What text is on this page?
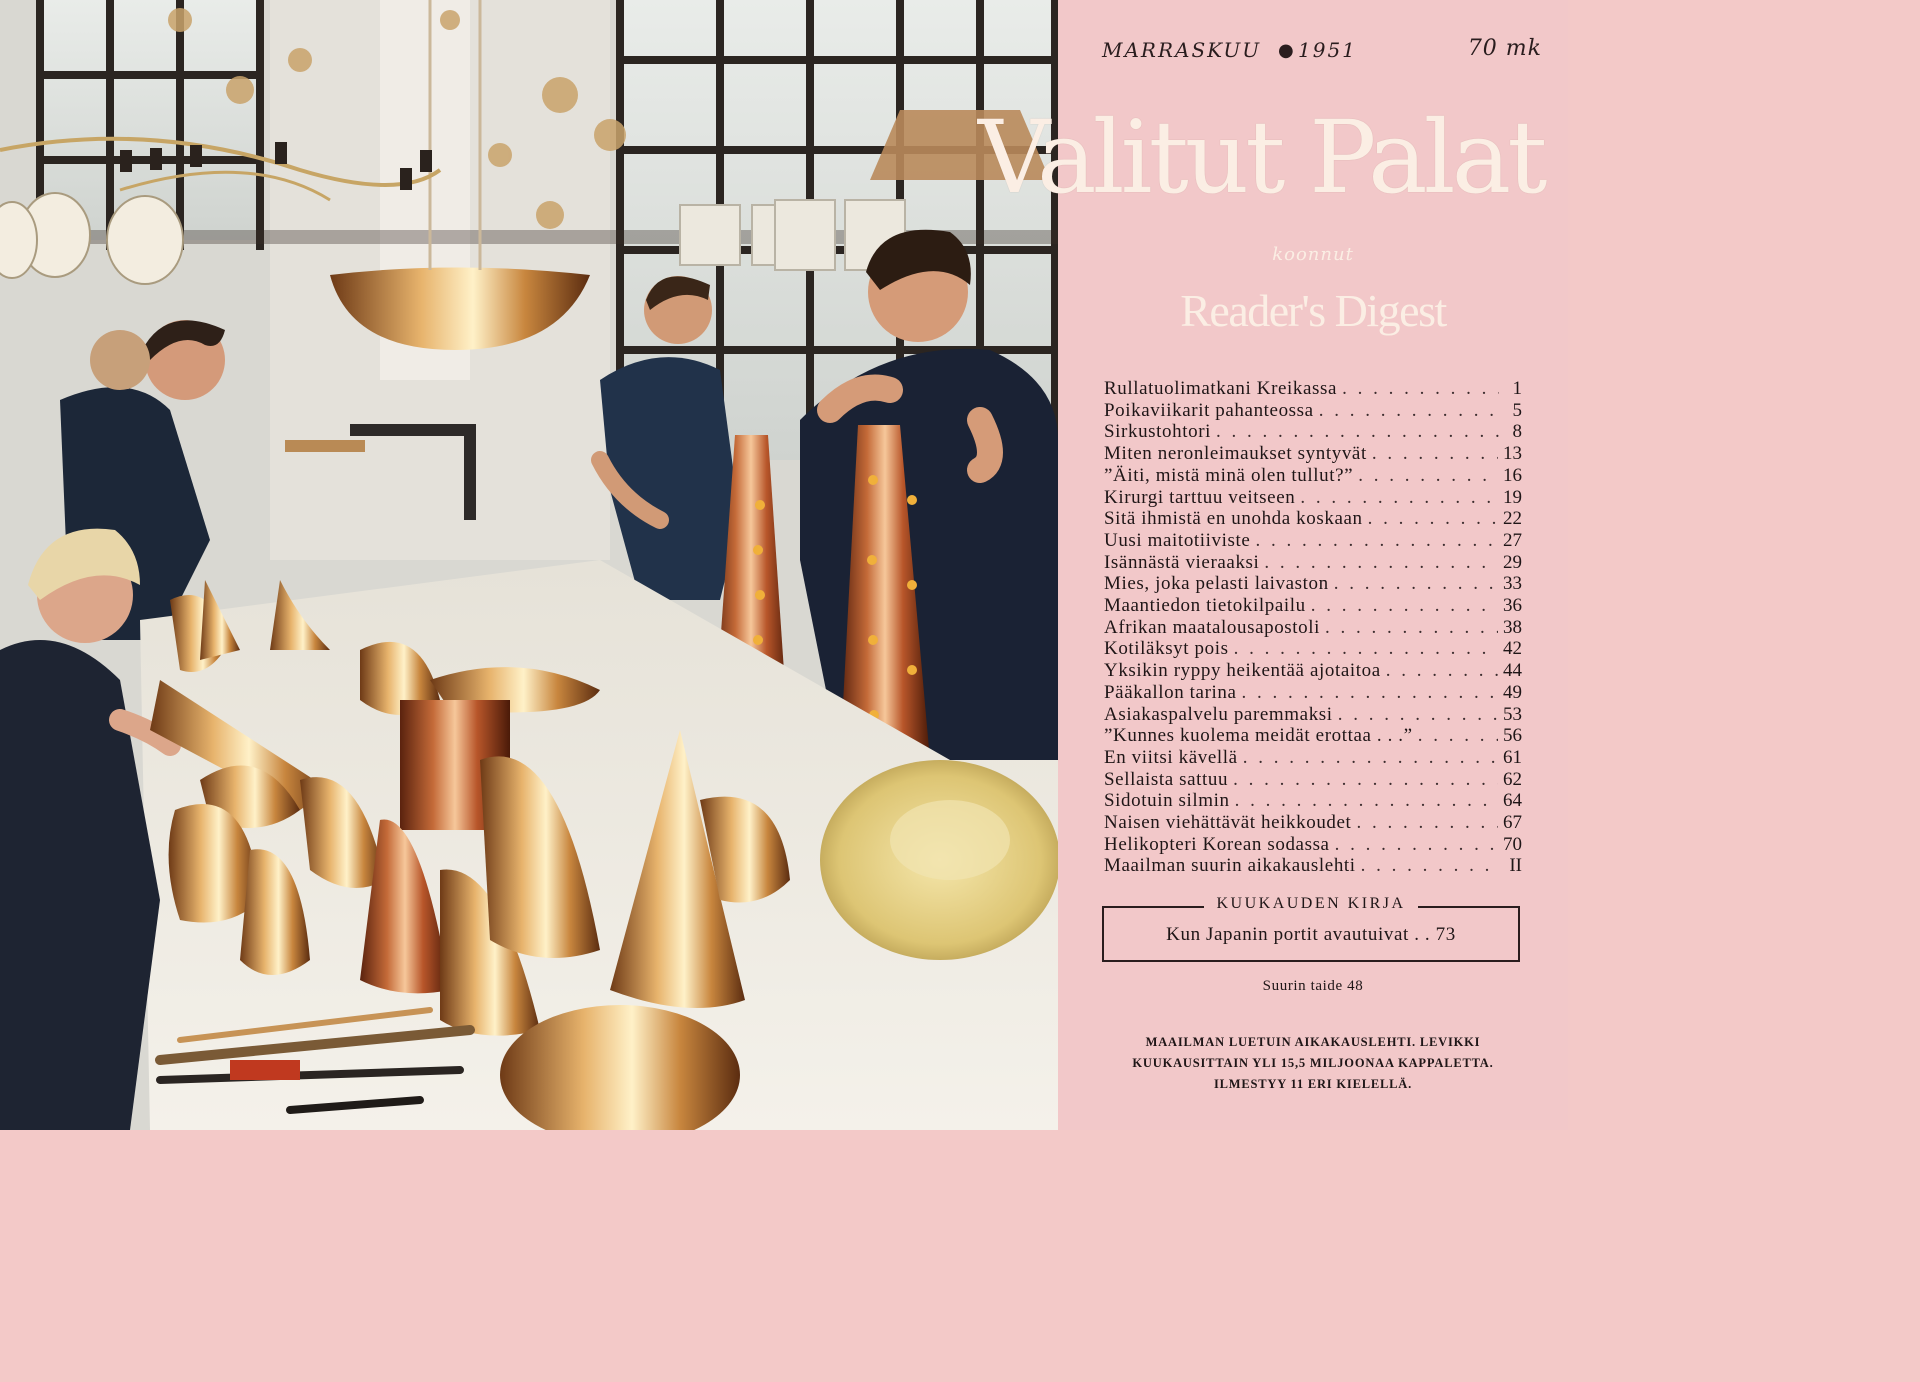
MARRASKUU ● 1951	70 mk
koonnut
Reader's Digest
Rullatuolimatkani Kreikassa . . .	1
Poikaviikarit pahanteossa . . .	5
Sirkustohtori . . .	8
Miten neronleimaukset syntyvät . . .	13
”Äiti, mistä minä olen tullut?” . . .	16
Kirurgi tarttuu veitseen . . .	19
Sitä ihmistä en unohda koskaan . . .	22
Uusi maitotiiviste . . .	27
Isännästä vieraaksi . . .	29
Mies, joka pelasti laivaston . . .	33
Maantiedon tietokilpailu . . .	36
Afrikan maatalousapostoli . . .	38
Kotiläksyt pois . . .	42
Yksikin ryppy heikentää ajotaitoa . . .	44
Pääkallon tarina . . .	49
Asiakaspalvelu paremmaksi . . .	53
”Kunnes kuolema meidät erottaa . . .” . . .	56
En viitsi kävellä . . .	61
Sellaista sattuu . . .	62
Sidotuin silmin . . .	64
Naisen viehättävät heikkoudet . . .	67
Helikopteri Korean sodassa . . .	70
Maailman suurin aikakauslehti . . .	II
KUUKAUDEN KIRJA
Kun Japanin portit avautuivat . . 73
Suurin taide 48
MAAILMAN LUETUIN AIKAKAUSLEHTI. LEVIKKI
KUUKAUSITTAIN YLI 15,5 MILJOONAA KAPPALETTA.
ILMESTYY 11 ERI KIELELLÄ.
Valitut Palat
